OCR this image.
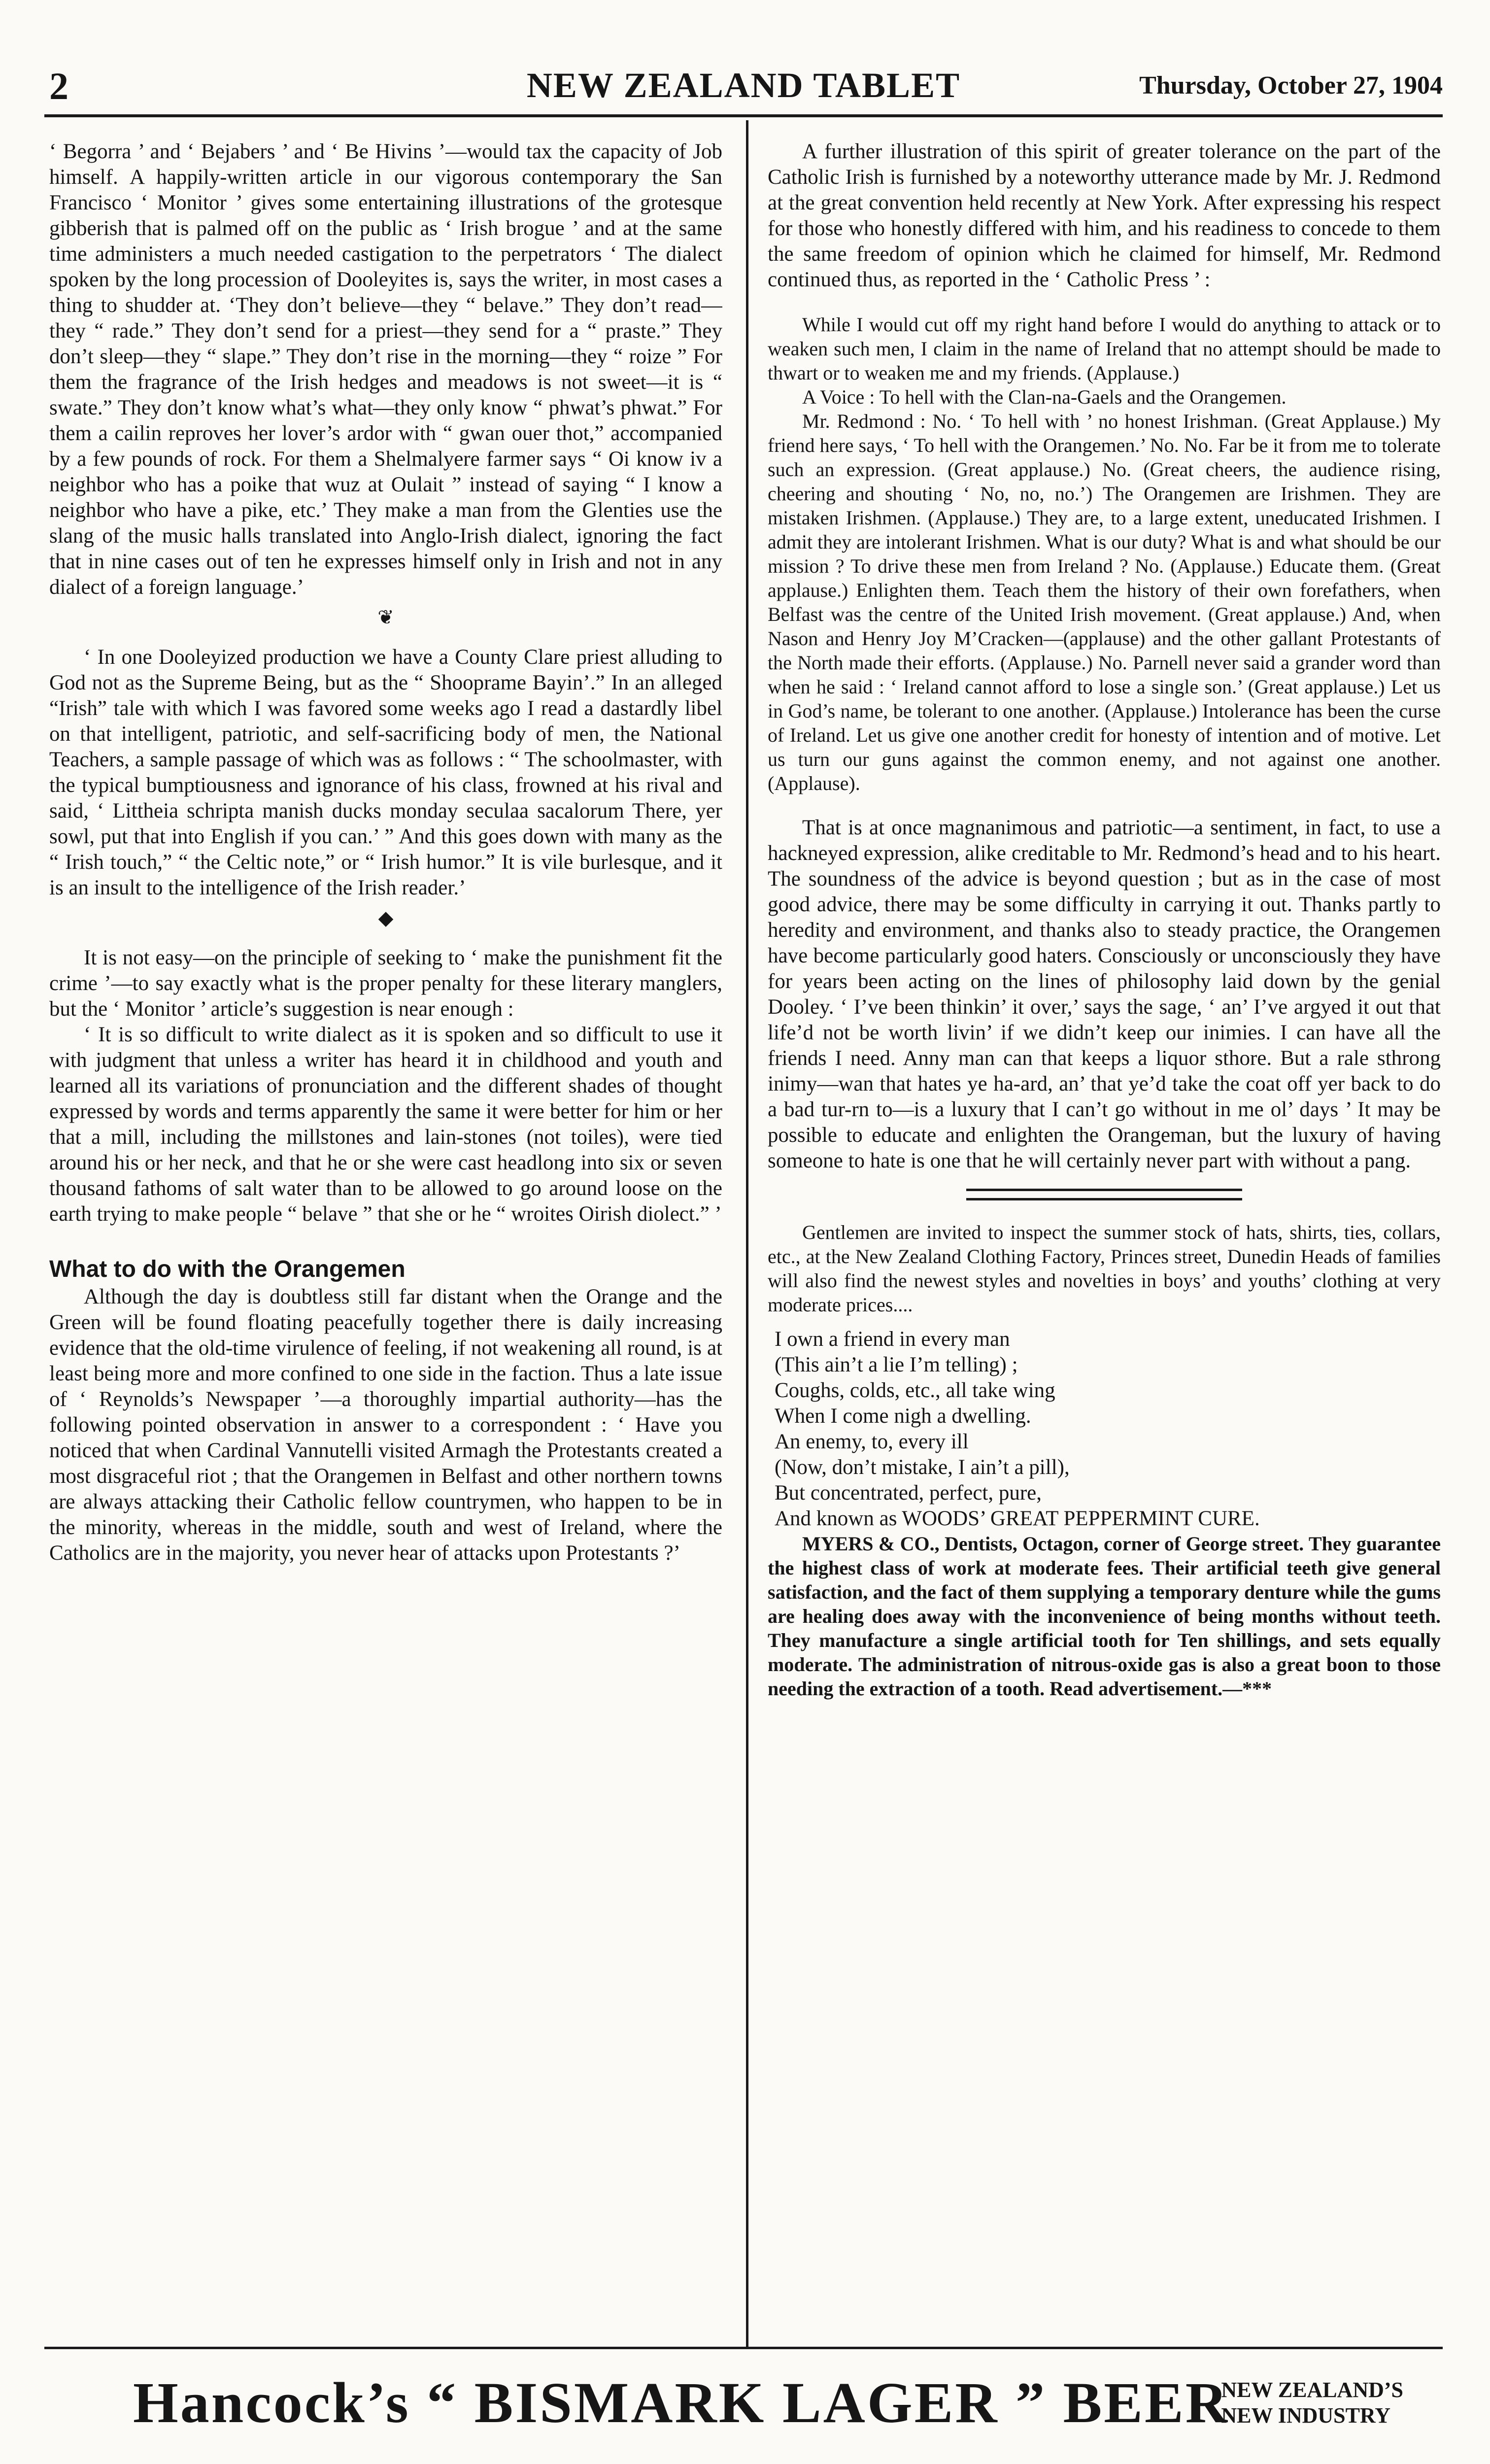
2	NEW ZEALAND TABLET	Thursday, October 27, 1904

‘ Begorra ’ and ‘ Bejabers ’ and ‘ Be Hivins ’—would tax the capacity of Job himself. A happily-written article in our vigorous contemporary the San Francisco ‘ Monitor ’ gives some entertaining illustrations of the grotesque gibberish that is palmed off on the public as ‘ Irish brogue ’ and at the same time administers a much needed castigation to the perpetrators ‘ The dialect spoken by the long procession of Dooleyites is, says the writer, in most cases a thing to shudder at. ‘They don’t believe—they “ belave.” They don’t read—they “ rade.” They don’t send for a priest—they send for a “ praste.” They don’t sleep—they “ slape.” They don’t rise in the morning—they “ roize ” For them the fragrance of the Irish hedges and meadows is not sweet—it is “ swate.” They don’t know what’s what—they only know “ phwat’s phwat.” For them a cailin reproves her lover’s ardor with “ gwan ouer thot,” accompanied by a few pounds of rock. For them a Shelmalyere farmer says “ Oi know iv a neighbor who has a poike that wuz at Oulait ” instead of saying “ I know a neighbor who have a pike, etc.’ They make a man from the Glenties use the slang of the music halls translated into Anglo-Irish dialect, ignoring the fact that in nine cases out of ten he expresses himself only in Irish and not in any dialect of a foreign language.’

❦

‘ In one Dooleyized production we have a County Clare priest alluding to God not as the Supreme Being, but as the “ Shooprame Bayin’.” In an alleged “Irish” tale with which I was favored some weeks ago I read a dastardly libel on that intelligent, patriotic, and self-sacrificing body of men, the National Teachers, a sample passage of which was as follows : “ The schoolmaster, with the typical bumptiousness and ignorance of his class, frowned at his rival and said, ‘ Littheia schripta manish ducks monday seculaa sacalorum There, yer sowl, put that into English if you can.’ ” And this goes down with many as the “ Irish touch,” “ the Celtic note,” or “ Irish humor.” It is vile burlesque, and it is an insult to the intelligence of the Irish reader.’

◆

It is not easy—on the principle of seeking to ‘ make the punishment fit the crime ’—to say exactly what is the proper penalty for these literary manglers, but the ‘ Monitor ’ article’s suggestion is near enough :

‘ It is so difficult to write dialect as it is spoken and so difficult to use it with judgment that unless a writer has heard it in childhood and youth and learned all its variations of pronunciation and the different shades of thought expressed by words and terms apparently the same it were better for him or her that a mill, including the millstones and lain-stones (not toiles), were tied around his or her neck, and that he or she were cast headlong into six or seven thousand fathoms of salt water than to be allowed to go around loose on the earth trying to make people “ belave ” that she or he “ wroites Oirish diolect.” ’

What to do with the Orangemen

Although the day is doubtless still far distant when the Orange and the Green will be found floating peacefully together there is daily increasing evidence that the old-time virulence of feeling, if not weakening all round, is at least being more and more confined to one side in the faction. Thus a late issue of ‘ Reynolds’s Newspaper ’—a thoroughly impartial authority—has the following pointed observation in answer to a correspondent : ‘ Have you noticed that when Cardinal Vannutelli visited Armagh the Protestants created a most disgraceful riot ; that the Orangemen in Belfast and other northern towns are always attacking their Catholic fellow countrymen, who happen to be in the minority, whereas in the middle, south and west of Ireland, where the Catholics are in the majority, you never hear of attacks upon Protestants ?’

A further illustration of this spirit of greater tolerance on the part of the Catholic Irish is furnished by a noteworthy utterance made by Mr. J. Redmond at the great convention held recently at New York. After expressing his respect for those who honestly differed with him, and his readiness to concede to them the same freedom of opinion which he claimed for himself, Mr. Redmond continued thus, as reported in the ‘ Catholic Press ’ :

While I would cut off my right hand before I would do anything to attack or to weaken such men, I claim in the name of Ireland that no attempt should be made to thwart or to weaken me and my friends. (Applause.)

A Voice : To hell with the Clan-na-Gaels and the Orangemen.

Mr. Redmond : No. ‘ To hell with ’ no honest Irishman. (Great Applause.) My friend here says, ‘ To hell with the Orangemen.’ No. No. Far be it from me to tolerate such an expression. (Great applause.) No. (Great cheers, the audience rising, cheering and shouting ‘ No, no, no.’) The Orangemen are Irishmen. They are mistaken Irishmen. (Applause.) They are, to a large extent, uneducated Irishmen. I admit they are intolerant Irishmen. What is our duty? What is and what should be our mission ? To drive these men from Ireland ? No. (Applause.) Educate them. (Great applause.) Enlighten them. Teach them the history of their own forefathers, when Belfast was the centre of the United Irish movement. (Great applause.) And, when Nason and Henry Joy M’Cracken—(applause) and the other gallant Protestants of the North made their efforts. (Applause.) No. Parnell never said a grander word than when he said : ‘ Ireland cannot afford to lose a single son.’ (Great applause.) Let us in God’s name, be tolerant to one another. (Applause.) Intolerance has been the curse of Ireland. Let us give one another credit for honesty of intention and of motive. Let us turn our guns against the common enemy, and not against one another. (Applause).

That is at once magnanimous and patriotic—a sentiment, in fact, to use a hackneyed expression, alike creditable to Mr. Redmond’s head and to his heart. The soundness of the advice is beyond question ; but as in the case of most good advice, there may be some difficulty in carrying it out. Thanks partly to heredity and environment, and thanks also to steady practice, the Orangemen have become particularly good haters. Consciously or unconsciously they have for years been acting on the lines of philosophy laid down by the genial Dooley. ‘ I’ve been thinkin’ it over,’ says the sage, ‘ an’ I’ve argyed it out that life’d not be worth livin’ if we didn’t keep our inimies. I can have all the friends I need. Anny man can that keeps a liquor sthore. But a rale sthrong inimy—wan that hates ye ha-ard, an’ that ye’d take the coat off yer back to do a bad tur-rn to—is a luxury that I can’t go without in me ol’ days ’ It may be possible to educate and enlighten the Orangeman, but the luxury of having someone to hate is one that he will certainly never part with without a pang.

Gentlemen are invited to inspect the summer stock of hats, shirts, ties, collars, etc., at the New Zealand Clothing Factory, Princes street, Dunedin Heads of families will also find the newest styles and novelties in boys’ and youths’ clothing at very moderate prices....

I own a friend in every man

(This ain’t a lie I’m telling) ;

Coughs, colds, etc., all take wing

When I come nigh a dwelling.

An enemy, to, every ill

(Now, don’t mistake, I ain’t a pill),

But concentrated, perfect, pure,

And known as WOODS’ GREAT PEPPERMINT CURE.

MYERS & CO., Dentists, Octagon, corner of George street. They guarantee the highest class of work at moderate fees. Their artificial teeth give general satisfaction, and the fact of them supplying a temporary denture while the gums are healing does away with the inconvenience of being months without teeth. They manufacture a single artificial tooth for Ten shillings, and sets equally moderate. The administration of nitrous-oxide gas is also a great boon to those needing the extraction of a tooth. Read advertisement.—***

Hancock’s “ BISMARK LAGER ” BEER
NEW ZEALAND’S
NEW INDUSTRY
